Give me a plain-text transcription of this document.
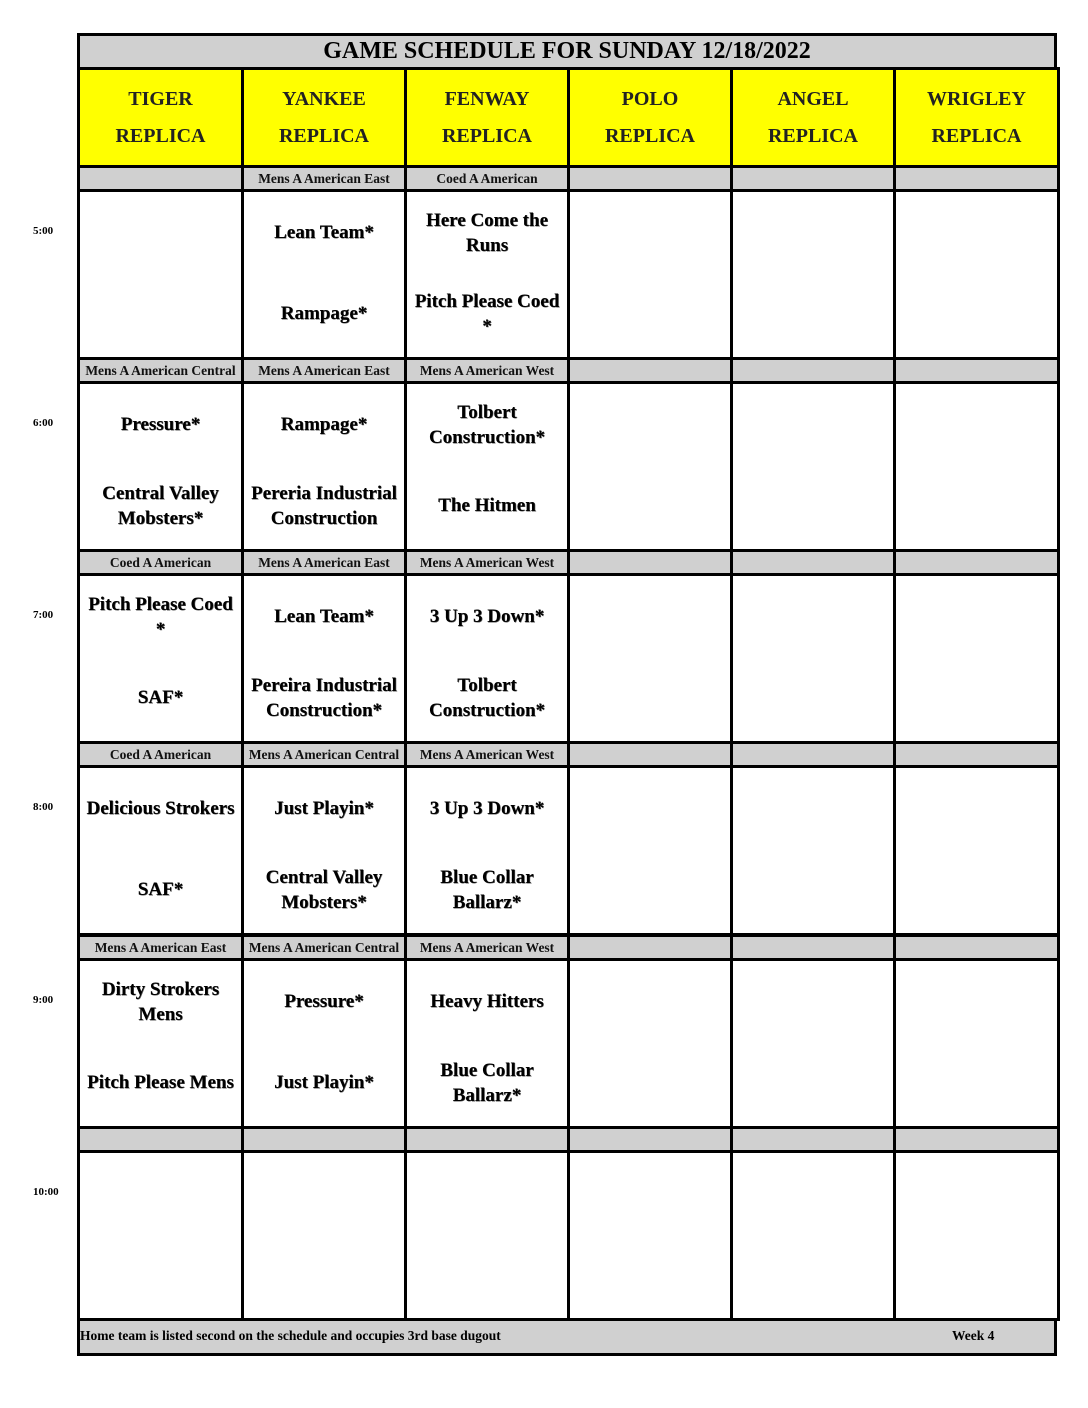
GAME SCHEDULE FOR SUNDAY 12/18/2022
TIGER
REPLICA
YANKEE
REPLICA
FENWAY
REPLICA
POLO
REPLICA
ANGEL
REPLICA
WRIGLEY
REPLICA
5:00
Mens A American East
Lean Team*
Rampage*
Coed A American
Here Come the Runs
Pitch Please Coed *
6:00
Mens A American Central
Pressure*
Central Valley Mobsters*
Mens A American East
Rampage*
Pereria Industrial Construction
Mens A American West
Tolbert Construction*
The Hitmen
7:00
Coed A American
Pitch Please Coed *
SAF*
Mens A American East
Lean Team*
Pereira Industrial Construction*
Mens A American West
3 Up 3 Down*
Tolbert Construction*
8:00
Coed A American
Delicious Strokers
SAF*
Mens A American Central
Just Playin*
Central Valley Mobsters*
Mens A American West
3 Up 3 Down*
Blue Collar Ballarz*
9:00
Mens A American East
Dirty Strokers Mens
Pitch Please Mens
Mens A American Central
Pressure*
Just Playin*
Mens A American West
Heavy Hitters
Blue Collar Ballarz*
10:00
Home team is listed second on the schedule and occupies 3rd base dugout	Week 4
